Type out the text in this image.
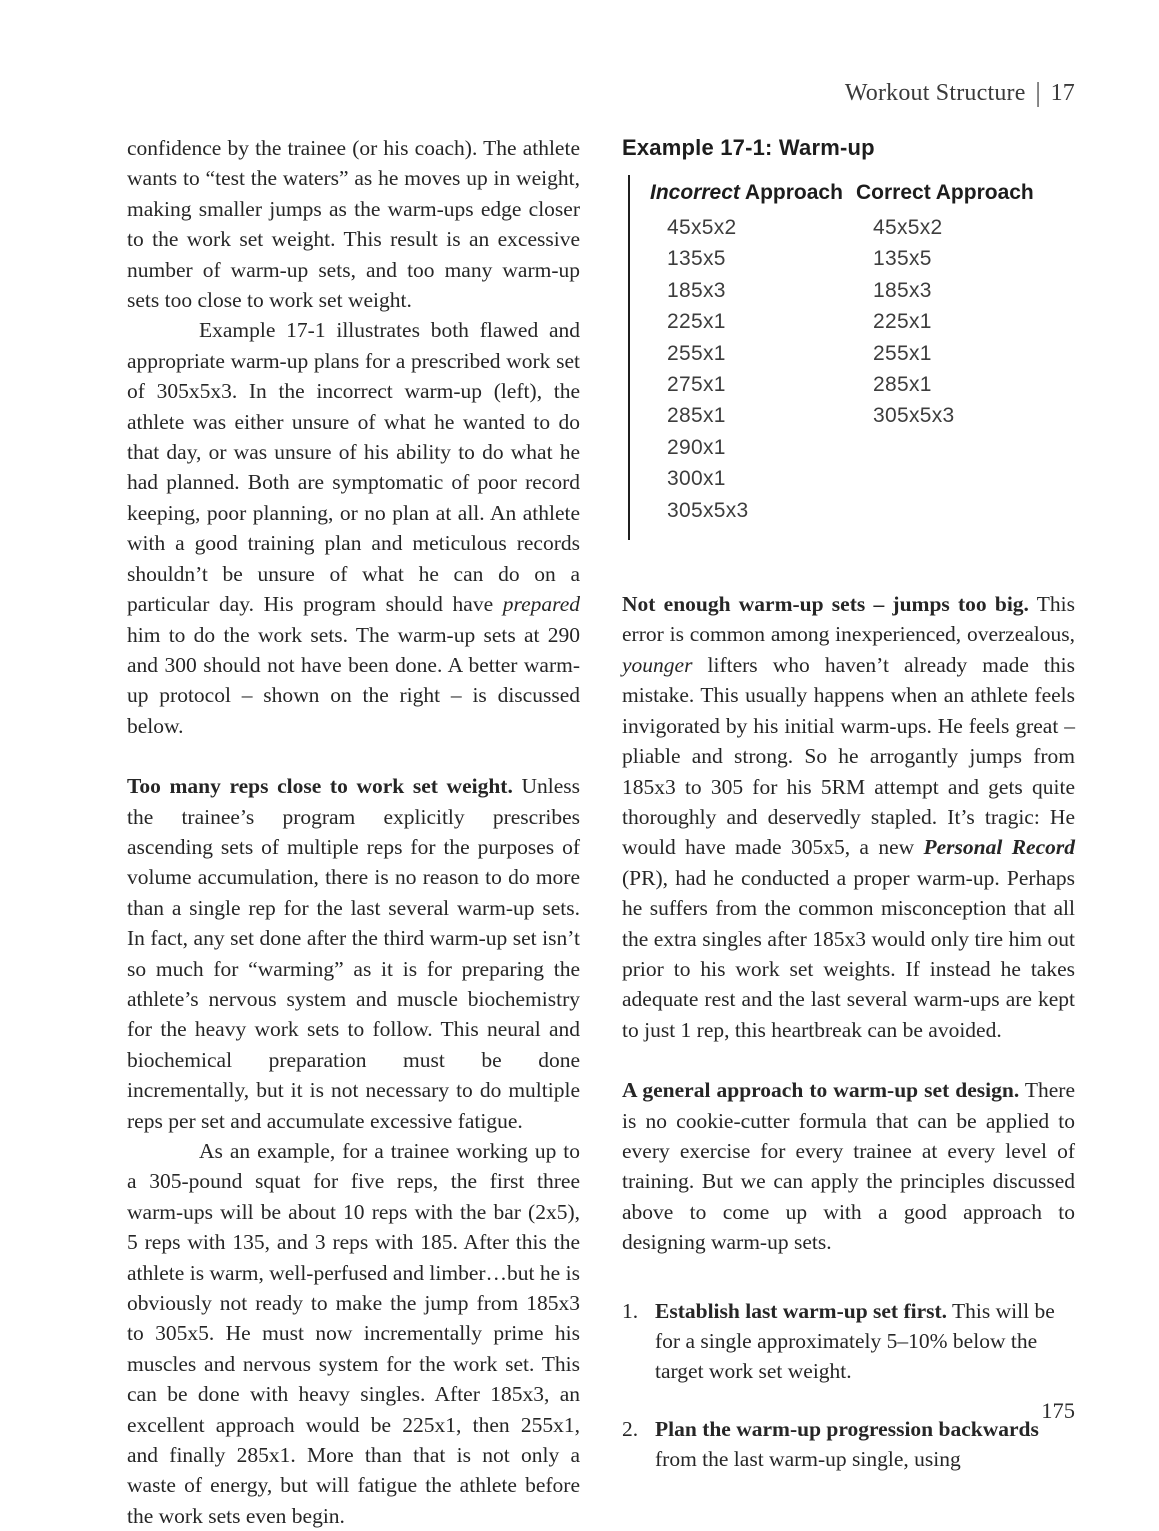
Workout Structure | 17

confidence by the trainee (or his coach). The athlete wants to “test the waters” as he moves up in weight, making smaller jumps as the warm-ups edge closer to the work set weight. This result is an excessive number of warm-up sets, and too many warm-up sets too close to work set weight.

Example 17-1 illustrates both flawed and appropriate warm-up plans for a prescribed work set of 305x5x3. In the incorrect warm-up (left), the athlete was either unsure of what he wanted to do that day, or was unsure of his ability to do what he had planned. Both are symptomatic of poor record keeping, poor planning, or no plan at all. An athlete with a good training plan and meticulous records shouldn’t be unsure of what he can do on a particular day. His program should have prepared him to do the work sets. The warm-up sets at 290 and 300 should not have been done. A better warm-up protocol – shown on the right – is discussed below.

Too many reps close to work set weight. Unless the trainee’s program explicitly prescribes ascending sets of multiple reps for the purposes of volume accumulation, there is no reason to do more than a single rep for the last several warm-up sets. In fact, any set done after the third warm-up set isn’t so much for “warming” as it is for preparing the athlete’s nervous system and muscle biochemistry for the heavy work sets to follow. This neural and biochemical preparation must be done incrementally, but it is not necessary to do multiple reps per set and accumulate excessive fatigue.

As an example, for a trainee working up to a 305-pound squat for five reps, the first three warm-ups will be about 10 reps with the bar (2x5), 5 reps with 135, and 3 reps with 185. After this the athlete is warm, well-perfused and limber…but he is obviously not ready to make the jump from 185x3 to 305x5. He must now incrementally prime his muscles and nervous system for the work set. This can be done with heavy singles. After 185x3, an excellent approach would be 225x1, then 255x1, and finally 285x1. More than that is not only a waste of energy, but will fatigue the athlete before the work sets even begin.

Example 17-1: Warm-up
Incorrect Approach
45x5x2
135x5
185x3
225x1
255x1
275x1
285x1
290x1
300x1
305x5x3
Correct Approach
45x5x2
135x5
185x3
225x1
255x1
285x1
305x5x3

Not enough warm-up sets – jumps too big. This error is common among inexperienced, overzealous, younger lifters who haven’t already made this mistake. This usually happens when an athlete feels invigorated by his initial warm-ups. He feels great – pliable and strong. So he arrogantly jumps from 185x3 to 305 for his 5RM attempt and gets quite thoroughly and deservedly stapled. It’s tragic: He would have made 305x5, a new Personal Record (PR), had he conducted a proper warm-up. Perhaps he suffers from the common misconception that all the extra singles after 185x3 would only tire him out prior to his work set weights. If instead he takes adequate rest and the last several warm-ups are kept to just 1 rep, this heartbreak can be avoided.

A general approach to warm-up set design. There is no cookie-cutter formula that can be applied to every exercise for every trainee at every level of training. But we can apply the principles discussed above to come up with a good approach to designing warm-up sets.

1. Establish last warm-up set first. This will be for a single approximately 5–10% below the target work set weight.
2. Plan the warm-up progression backwards from the last warm-up single, using
175
